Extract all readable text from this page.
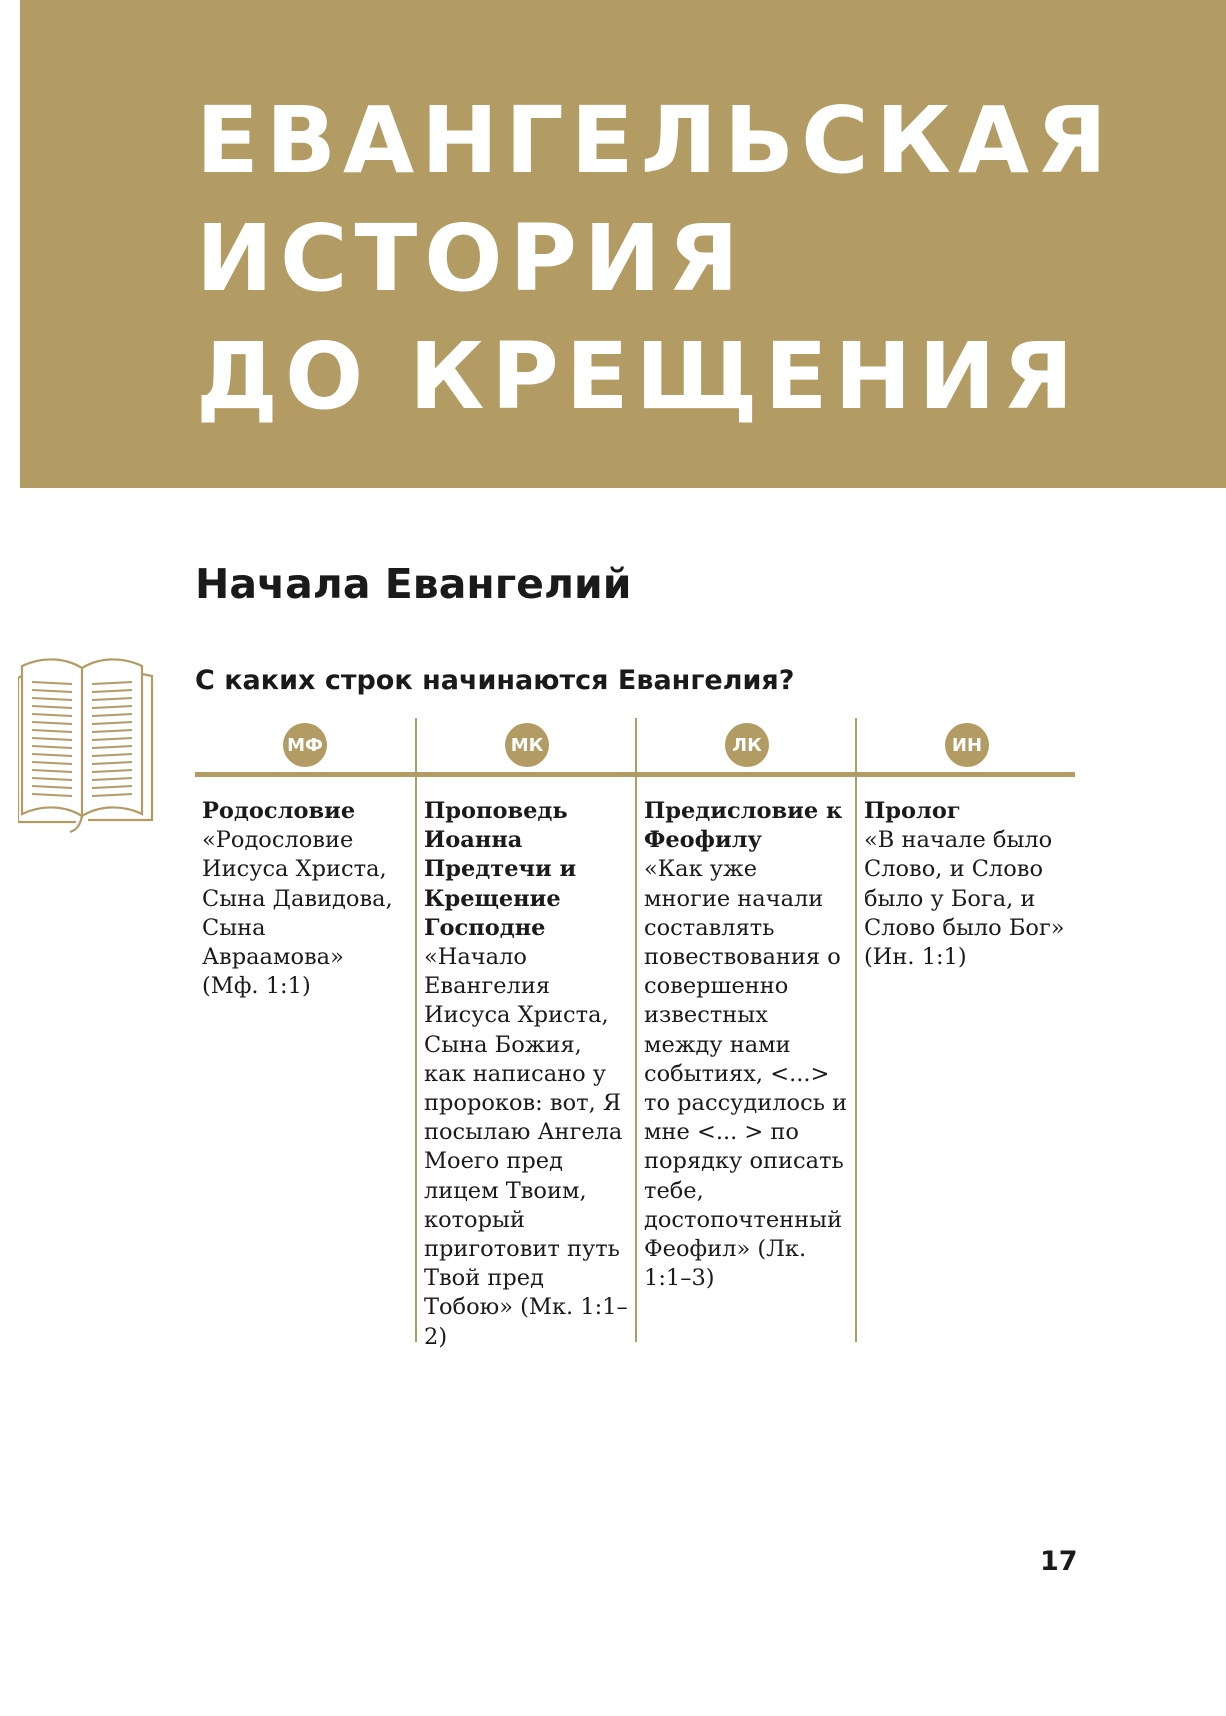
ЕВАНГЕЛЬСКАЯ
ИСТОРИЯ
ДО КРЕЩЕНИЯ
Начала Евангелий

С каких строк начинаются Евангелия?

МФ
Родословие
«Родословие Иисуса Христа, Сына Давидова, Сына Авраамова» (Мф. 1:1)
МК
Проповедь Иоанна Предтечи и Крещение Господне
«Начало Евангелия Иисуса Христа, Сына Божия, как написано у пророков: вот, Я посылаю Ангела Моего пред лицем Твоим, который приготовит путь Твой пред Тобою» (Мк. 1:1–2)
ЛК
Предисловие к Феофилу
«Как уже многие начали составлять повествования о совершенно известных между нами событиях, <...> то рассудилось и мне <... > по порядку описать тебе, достопочтенный Феофил» (Лк. 1:1–3)
ИН
Пролог
«В начале было Слово, и Слово было у Бога, и Слово было Бог» (Ин. 1:1)
17
